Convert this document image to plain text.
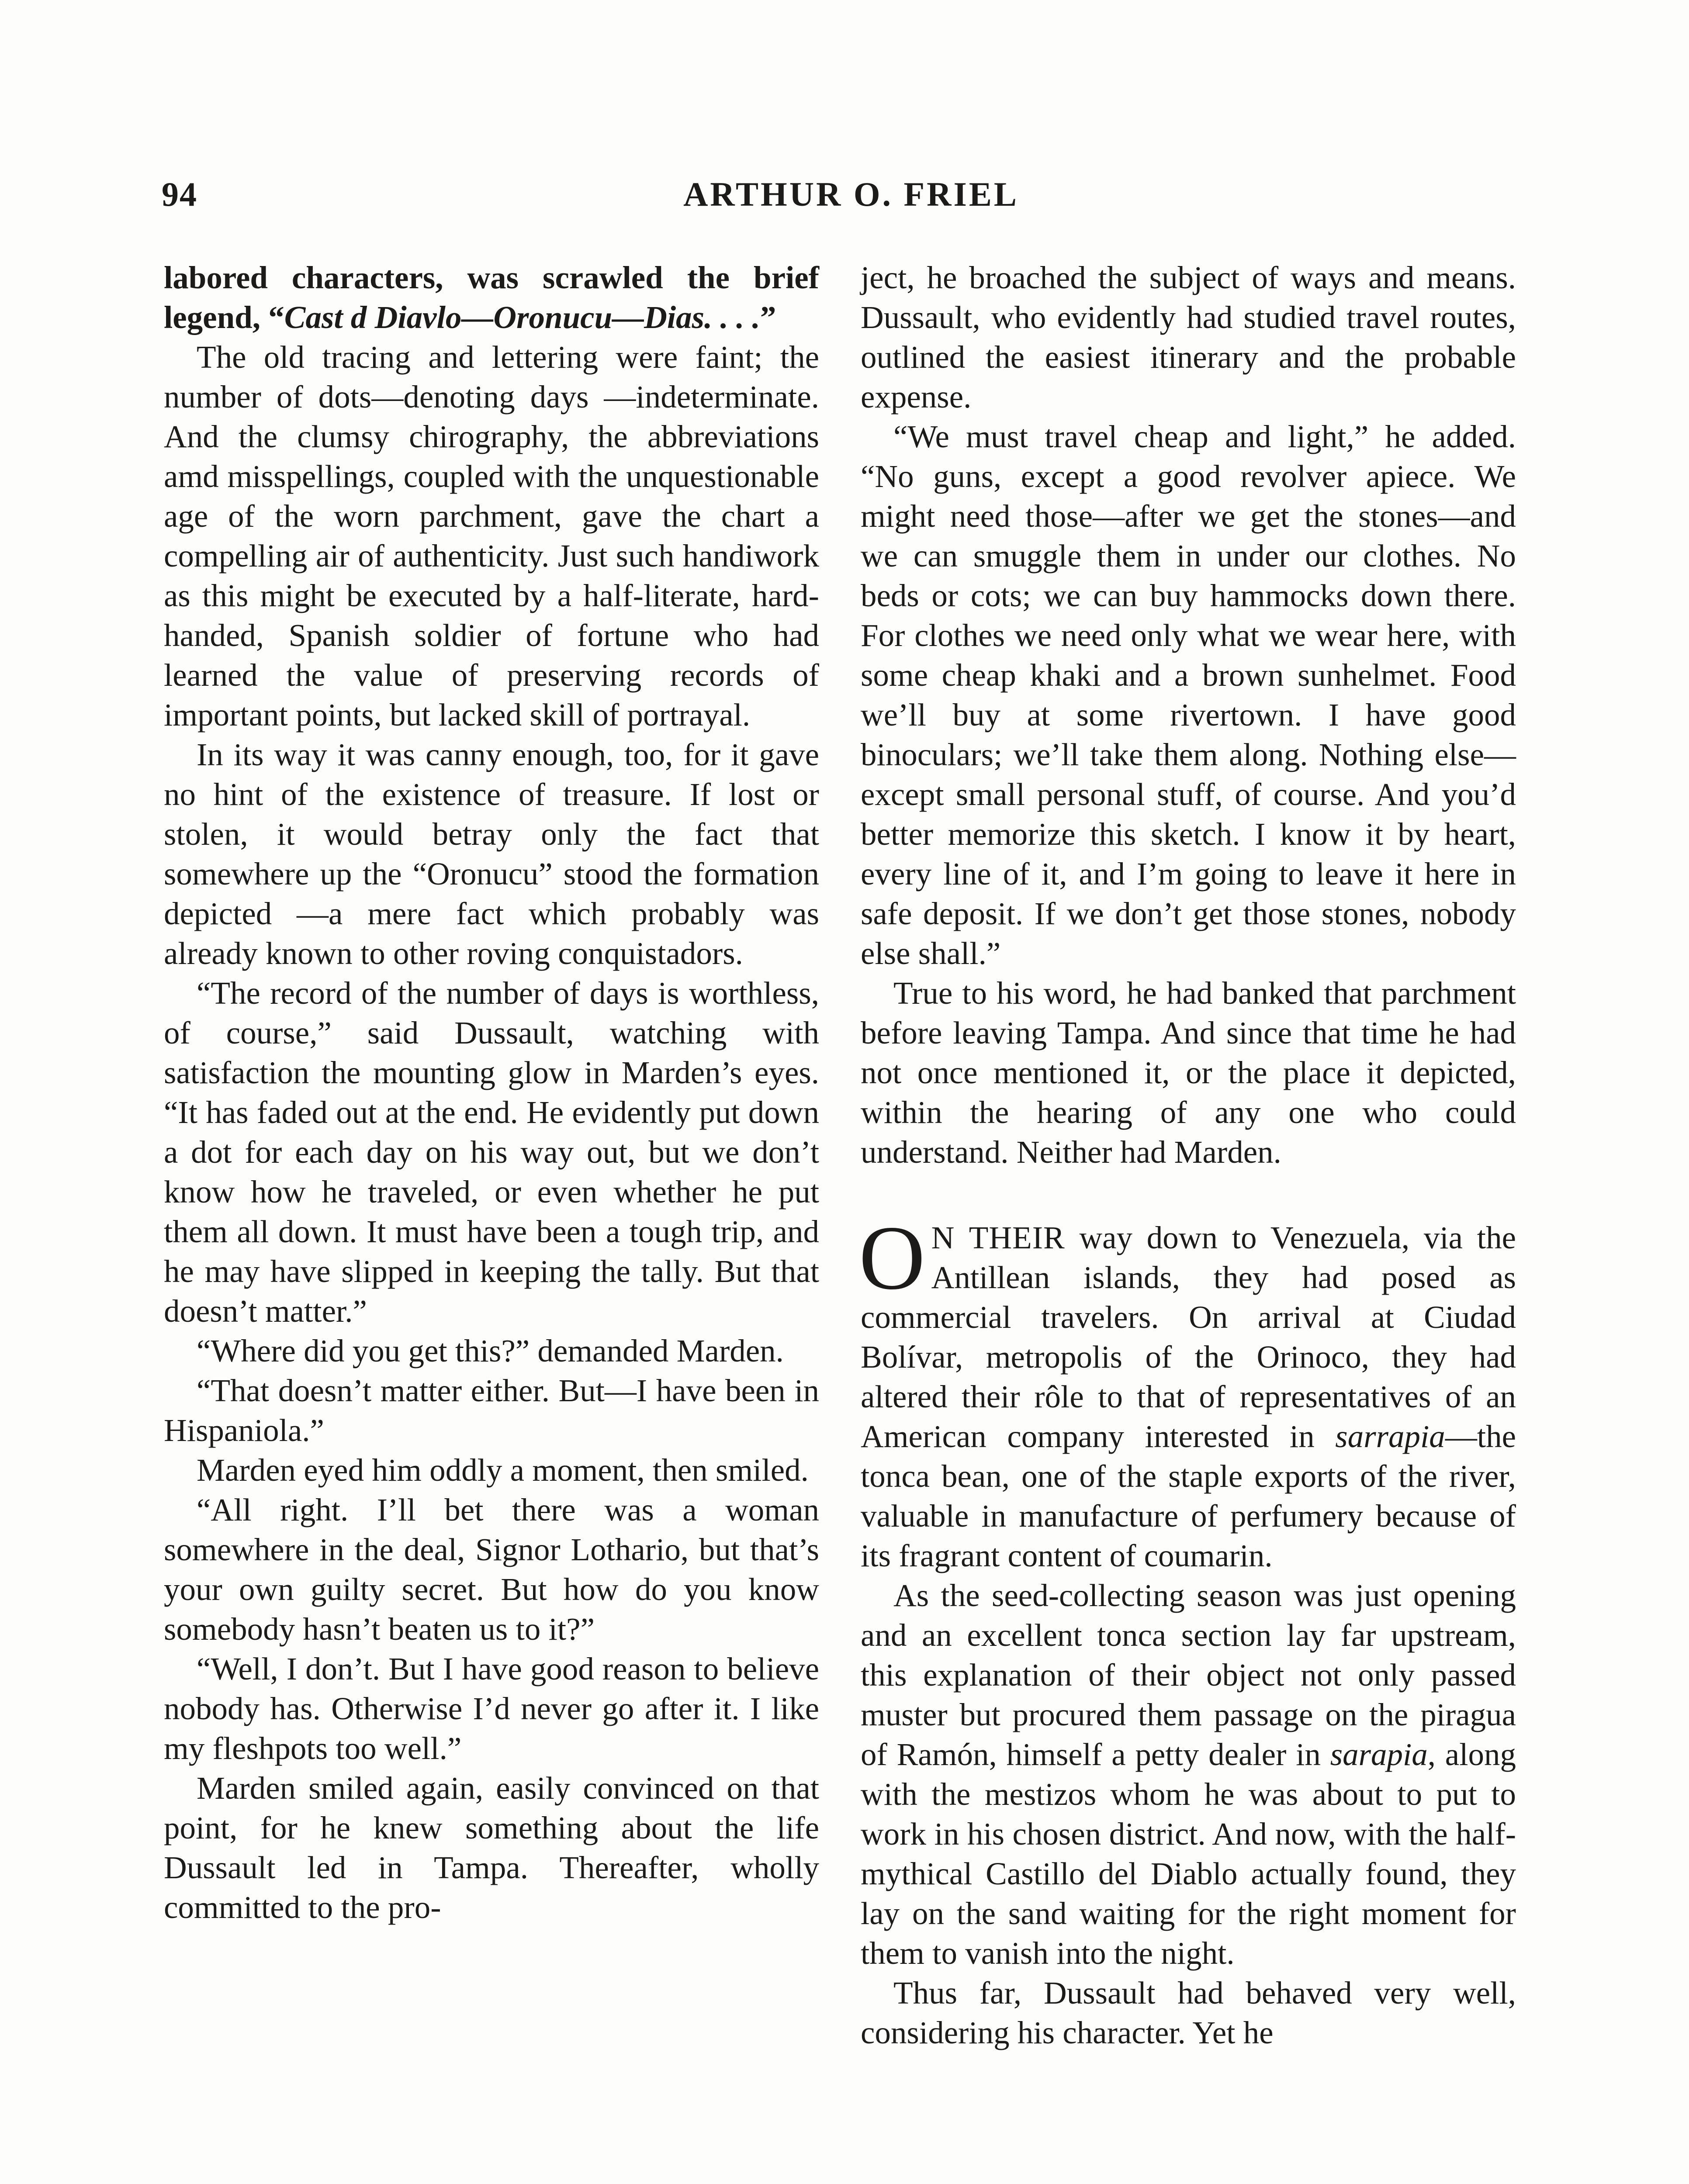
94	ARTHUR O. FRIEL

labored characters, was scrawled the brief legend, “Cast d Diavlo—Oronucu—Dias. . . .”

The old tracing and lettering were faint; the number of dots—denoting days —indeterminate. And the clumsy chirography, the abbreviations amd misspellings, coupled with the unquestionable age of the worn parchment, gave the chart a compelling air of authenticity. Just such handiwork as this might be executed by a half-literate, hard-handed, Spanish soldier of fortune who had learned the value of preserving records of important points, but lacked skill of portrayal.

In its way it was canny enough, too, for it gave no hint of the existence of treasure. If lost or stolen, it would betray only the fact that somewhere up the “Oronucu” stood the formation depicted —a mere fact which probably was already known to other roving conquistadors.

“The record of the number of days is worthless, of course,” said Dussault, watching with satisfaction the mounting glow in Marden’s eyes. “It has faded out at the end. He evidently put down a dot for each day on his way out, but we don’t know how he traveled, or even whether he put them all down. It must have been a tough trip, and he may have slipped in keeping the tally. But that doesn’t matter.”

“Where did you get this?” demanded Marden.

“That doesn’t matter either. But—I have been in Hispaniola.”

Marden eyed him oddly a moment, then smiled.

“All right. I’ll bet there was a woman somewhere in the deal, Signor Lothario, but that’s your own guilty secret. But how do you know somebody hasn’t beaten us to it?”

“Well, I don’t. But I have good reason to believe nobody has. Otherwise I’d never go after it. I like my fleshpots too well.”

Marden smiled again, easily convinced on that point, for he knew something about the life Dussault led in Tampa. Thereafter, wholly committed to the pro-

ject, he broached the subject of ways and means. Dussault, who evidently had studied travel routes, outlined the easiest itinerary and the probable expense.

“We must travel cheap and light,” he added. “No guns, except a good revolver apiece. We might need those—after we get the stones—and we can smuggle them in under our clothes. No beds or cots; we can buy hammocks down there. For clothes we need only what we wear here, with some cheap khaki and a brown sunhelmet. Food we’ll buy at some rivertown. I have good binoculars; we’ll take them along. Nothing else—except small personal stuff, of course. And you’d better memorize this sketch. I know it by heart, every line of it, and I’m going to leave it here in safe deposit. If we don’t get those stones, nobody else shall.”

True to his word, he had banked that parchment before leaving Tampa. And since that time he had not once mentioned it, or the place it depicted, within the hearing of any one who could understand. Neither had Marden.

O N THEIR way down to Venezuela, via the Antillean islands, they had posed as commercial travelers. On arrival at Ciudad Bolívar, metropolis of the Orinoco, they had altered their rôle to that of representatives of an American company interested in sarrapia—the tonca bean, one of the staple exports of the river, valuable in manufacture of perfumery because of its fragrant content of coumarin.

As the seed-collecting season was just opening and an excellent tonca section lay far upstream, this explanation of their object not only passed muster but procured them passage on the piragua of Ramón, himself a petty dealer in sarapia, along with the mestizos whom he was about to put to work in his chosen district. And now, with the half-mythical Castillo del Diablo actually found, they lay on the sand waiting for the right moment for them to vanish into the night.

Thus far, Dussault had behaved very well, considering his character. Yet he
